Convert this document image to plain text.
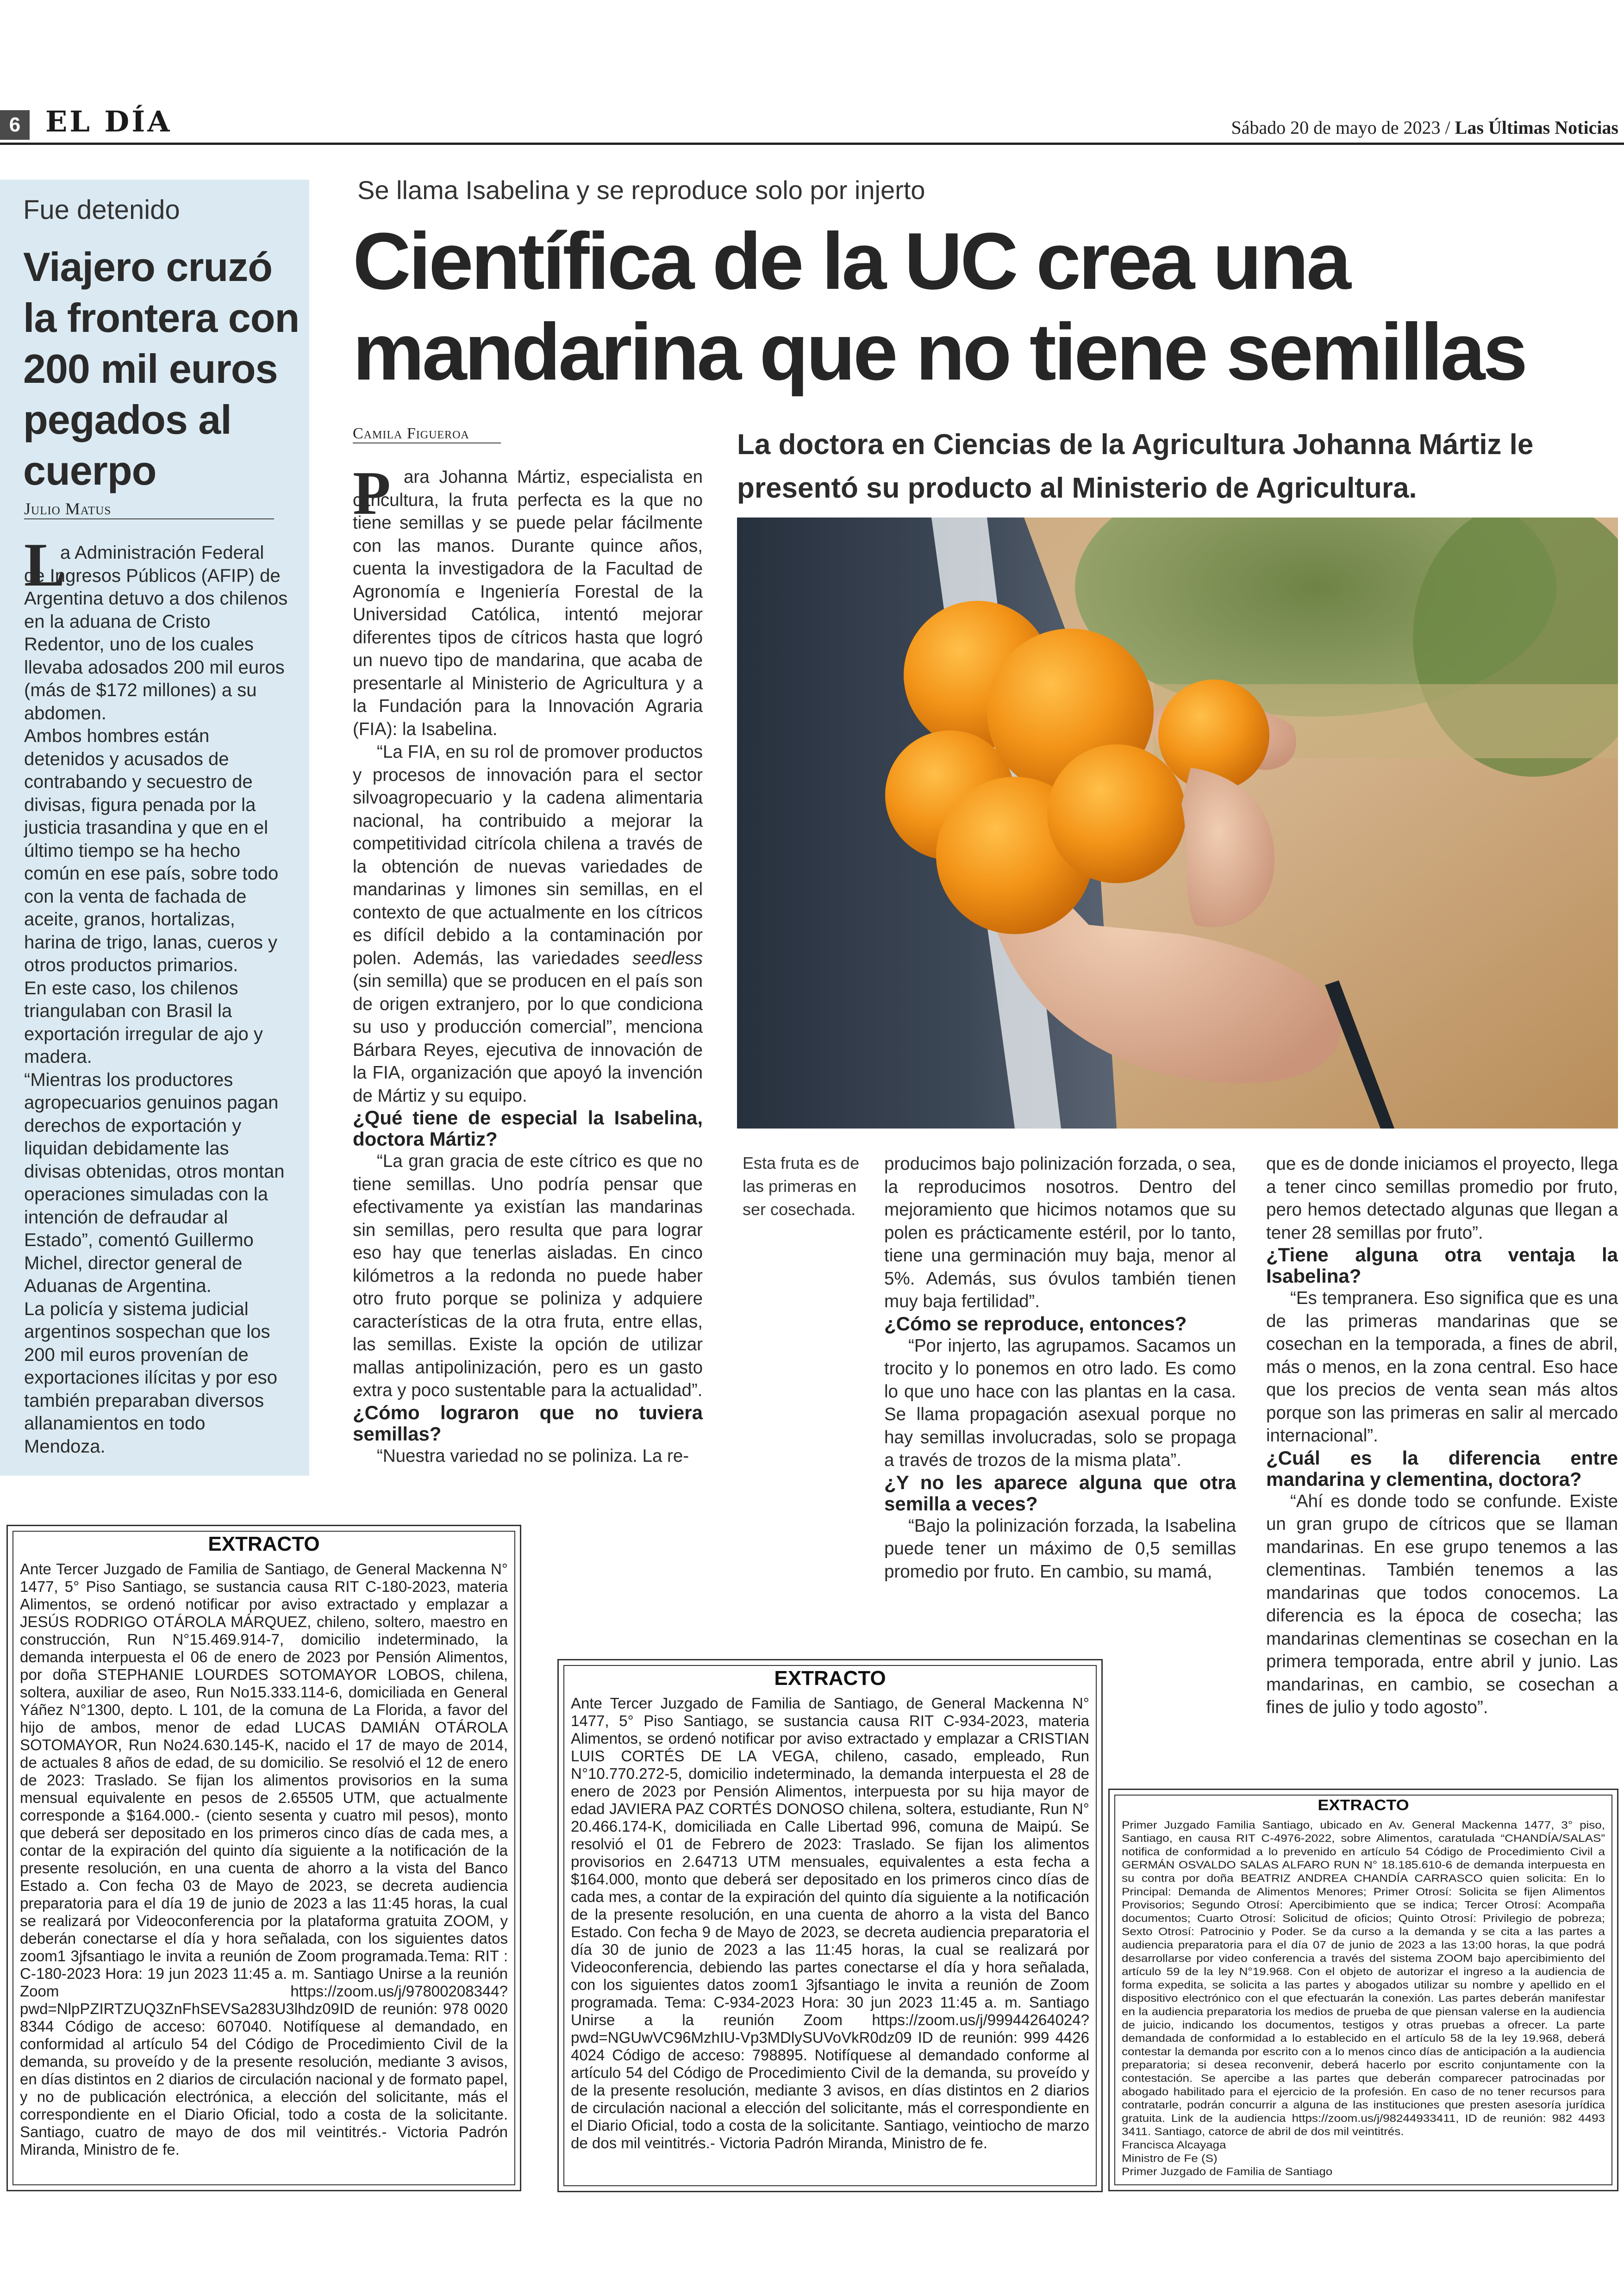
6 EL DÍA	Sábado 20 de mayo de 2023 / Las Últimas Noticias
Fue detenido
Viajero cruzó la frontera con 200 mil euros pegados al cuerpo
Julio Matus
L

a Administración Federal de Ingresos Públicos (AFIP) de Argentina detuvo a dos chilenos en la aduana de Cristo Redentor, uno de los cuales llevaba adosados 200 mil euros (más de $172 millones) a su abdomen.

Ambos hombres están detenidos y acusados de contrabando y secuestro de divisas, figura penada por la justicia trasandina y que en el último tiempo se ha hecho común en ese país, sobre todo con la venta de fachada de aceite, granos, hortalizas, harina de trigo, lanas, cueros y otros productos primarios.

En este caso, los chilenos triangulaban con Brasil la exportación irregular de ajo y madera.

“Mientras los productores agropecuarios genuinos pagan derechos de exportación y liquidan debidamente las divisas obtenidas, otros montan operaciones simuladas con la intención de defraudar al Estado”, comentó Guillermo Michel, director general de Aduanas de Argentina.

La policía y sistema judicial argentinos sospechan que los 200 mil euros provenían de exportaciones ilícitas y por eso también preparaban diversos allanamientos en todo Mendoza.

Se llama Isabelina y se reproduce solo por injerto
Científica de la UC crea una mandarina que no tiene semillas
Camila Figueroa	La doctora en Ciencias de la Agricultura Johanna Mártiz le presentó su producto al Ministerio de Agricultura.
P ara Johanna Mártiz, especialista en citricultura, la fruta perfecta es la que no tiene semillas y se puede pelar fácilmente con las manos. Durante quince años, cuenta la investigadora de la Facultad de Agronomía e Ingeniería Forestal de la Universidad Católica, intentó mejorar diferentes tipos de cítricos hasta que logró un nuevo tipo de mandarina, que acaba de presentarle al Ministerio de Agricultura y a la Fundación para la Innovación Agraria (FIA): la Isabelina.

“La FIA, en su rol de promover productos y procesos de innovación para el sector silvoagropecuario y la cadena alimentaria nacional, ha contribuido a mejorar la competitividad citrícola chilena a través de la obtención de nuevas variedades de mandarinas y limones sin semillas, en el contexto de que actualmente en los cítricos es difícil debido a la contaminación por polen. Además, las variedades seedless (sin semilla) que se producen en el país son de origen extranjero, por lo que condiciona su uso y producción comercial”, menciona Bárbara Reyes, ejecutiva de innovación de la FIA, organización que apoyó la invención de Mártiz y su equipo.

¿Qué tiene de especial la Isabelina, doctora Mártiz?

“La gran gracia de este cítrico es que no tiene semillas. Uno podría pensar que efectivamente ya existían las mandarinas sin semillas, pero resulta que para lograr eso hay que tenerlas aisladas. En cinco kilómetros a la redonda no puede haber otro fruto porque se poliniza y adquiere características de la otra fruta, entre ellas, las semillas. Existe la opción de utilizar mallas antipolinización, pero es un gasto extra y poco sustentable para la actualidad”.

¿Cómo lograron que no tuviera semillas?

“Nuestra variedad no se poliniza. La re-

Esta fruta es de las primeras en ser cosechada.

producimos bajo polinización forzada, o sea, la reproducimos nosotros. Dentro del mejoramiento que hicimos notamos que su polen es prácticamente estéril, por lo tanto, tiene una germinación muy baja, menor al 5%. Además, sus óvulos también tienen muy baja fertilidad”.

¿Cómo se reproduce, entonces?

“Por injerto, las agrupamos. Sacamos un trocito y lo ponemos en otro lado. Es como lo que uno hace con las plantas en la casa. Se llama propagación asexual porque no hay semillas involucradas, solo se propaga a través de trozos de la misma plata”.

¿Y no les aparece alguna que otra semilla a veces?

“Bajo la polinización forzada, la Isabelina puede tener un máximo de 0,5 semillas promedio por fruto. En cambio, su mamá,

que es de donde iniciamos el proyecto, llega a tener cinco semillas promedio por fruto, pero hemos detectado algunas que llegan a tener 28 semillas por fruto”.

¿Tiene alguna otra ventaja la Isabelina?

“Es tempranera. Eso significa que es una de las primeras mandarinas que se cosechan en la temporada, a fines de abril, más o menos, en la zona central. Eso hace que los precios de venta sean más altos porque son las primeras en salir al mercado internacional”.

¿Cuál es la diferencia entre mandarina y clementina, doctora?

“Ahí es donde todo se confunde. Existe un gran grupo de cítricos que se llaman mandarinas. En ese grupo tenemos a las clementinas. También tenemos a las mandarinas que todos conocemos. La diferencia es la época de cosecha; las mandarinas clementinas se cosechan en la primera temporada, entre abril y junio. Las mandarinas, en cambio, se cosechan a fines de julio y todo agosto”.

EXTRACTO
Ante Tercer Juzgado de Familia de Santiago, de General Mackenna N° 1477, 5° Piso Santiago, se sustancia causa RIT C-180-2023, materia Alimentos, se ordenó notificar por aviso extractado y emplazar a JESÚS RODRIGO OTÁROLA MÁRQUEZ, chileno, soltero, maestro en construcción, Run N°15.469.914-7, domicilio indeterminado, la demanda interpuesta el 06 de enero de 2023 por Pensión Alimentos, por doña STEPHANIE LOURDES SOTOMAYOR LOBOS, chilena, soltera, auxiliar de aseo, Run No15.333.114-6, domiciliada en General Yáñez N°1300, depto. L 101, de la comuna de La Florida, a favor del hijo de ambos, menor de edad LUCAS DAMIÁN OTÁROLA SOTOMAYOR, Run No24.630.145-K, nacido el 17 de mayo de 2014, de actuales 8 años de edad, de su domicilio. Se resolvió el 12 de enero de 2023: Traslado. Se fijan los alimentos provisorios en la suma mensual equivalente en pesos de 2.65505 UTM, que actualmente corresponde a $164.000.- (ciento sesenta y cuatro mil pesos), monto que deberá ser depositado en los primeros cinco días de cada mes, a contar de la expiración del quinto día siguiente a la notificación de la presente resolución, en una cuenta de ahorro a la vista del Banco Estado a. Con fecha 03 de Mayo de 2023, se decreta audiencia preparatoria para el día 19 de junio de 2023 a las 11:45 horas, la cual se realizará por Videoconferencia por la plataforma gratuita ZOOM, y deberán conectarse el día y hora señalada, con los siguientes datos zoom1 3jfsantiago le invita a reunión de Zoom programada.Tema: RIT : C-180-2023 Hora: 19 jun 2023 11:45 a. m. Santiago Unirse a la reunión Zoom https://zoom.us/j/97800208344?pwd=NlpPZIRTZUQ3ZnFhSEVSa283U3lhdz09ID de reunión: 978 0020 8344 Código de acceso: 607040. Notifíquese al demandado, en conformidad al artículo 54 del Código de Procedimiento Civil de la demanda, su proveído y de la presente resolución, mediante 3 avisos, en días distintos en 2 diarios de circulación nacional y de formato papel, y no de publicación electrónica, a elección del solicitante, más el correspondiente en el Diario Oficial, todo a costa de la solicitante. Santiago, cuatro de mayo de dos mil veintitrés.- Victoria Padrón Miranda, Ministro de fe.
EXTRACTO
Ante Tercer Juzgado de Familia de Santiago, de General Mackenna N° 1477, 5° Piso Santiago, se sustancia causa RIT C-934-2023, materia Alimentos, se ordenó notificar por aviso extractado y emplazar a CRISTIAN LUIS CORTÉS DE LA VEGA, chileno, casado, empleado, Run N°10.770.272-5, domicilio indeterminado, la demanda interpuesta el 28 de enero de 2023 por Pensión Alimentos, interpuesta por su hija mayor de edad JAVIERA PAZ CORTÉS DONOSO chilena, soltera, estudiante, Run N° 20.466.174-K, domiciliada en Calle Libertad 996, comuna de Maipú. Se resolvió el 01 de Febrero de 2023: Traslado. Se fijan los alimentos provisorios en 2.64713 UTM mensuales, equivalentes a esta fecha a $164.000, monto que deberá ser depositado en los primeros cinco días de cada mes, a contar de la expiración del quinto día siguiente a la notificación de la presente resolución, en una cuenta de ahorro a la vista del Banco Estado. Con fecha 9 de Mayo de 2023, se decreta audiencia preparatoria el día 30 de junio de 2023 a las 11:45 horas, la cual se realizará por Videoconferencia, debiendo las partes conectarse el día y hora señalada, con los siguientes datos zoom1 3jfsantiago le invita a reunión de Zoom programada. Tema: C-934-2023 Hora: 30 jun 2023 11:45 a. m. Santiago Unirse a la reunión Zoom https://zoom.us/j/99944264024?pwd=NGUwVC96MzhIU-Vp3MDlySUVoVkR0dz09 ID de reunión: 999 4426 4024 Código de acceso: 798895. Notifíquese al demandado conforme al artículo 54 del Código de Procedimiento Civil de la demanda, su proveído y de la presente resolución, mediante 3 avisos, en días distintos en 2 diarios de circulación nacional a elección del solicitante, más el correspondiente en el Diario Oficial, todo a costa de la solicitante. Santiago, veintiocho de marzo de dos mil veintitrés.- Victoria Padrón Miranda, Ministro de fe.
EXTRACTO
Primer Juzgado Familia Santiago, ubicado en Av. General Mackenna 1477, 3° piso, Santiago, en causa RIT C-4976-2022, sobre Alimentos, caratulada “CHANDÍA/SALAS” notifica de conformidad a lo prevenido en artículo 54 Código de Procedimiento Civil a GERMÁN OSVALDO SALAS ALFARO RUN N° 18.185.610-6 de demanda interpuesta en su contra por doña BEATRIZ ANDREA CHANDÍA CARRASCO quien solicita: En lo Principal: Demanda de Alimentos Menores; Primer Otrosí: Solicita se fijen Alimentos Provisorios; Segundo Otrosí: Apercibimiento que se indica; Tercer Otrosí: Acompaña documentos; Cuarto Otrosí: Solicitud de oficios; Quinto Otrosí: Privilegio de pobreza; Sexto Otrosí: Patrocinio y Poder. Se da curso a la demanda y se cita a las partes a audiencia preparatoria para el día 07 de junio de 2023 a las 13:00 horas, la que podrá desarrollarse por video conferencia a través del sistema ZOOM bajo apercibimiento del artículo 59 de la ley N°19.968. Con el objeto de autorizar el ingreso a la audiencia de forma expedita, se solicita a las partes y abogados utilizar su nombre y apellido en el dispositivo electrónico con el que efectuarán la conexión. Las partes deberán manifestar en la audiencia preparatoria los medios de prueba de que piensan valerse en la audiencia de juicio, indicando los documentos, testigos y otras pruebas a ofrecer. La parte demandada de conformidad a lo establecido en el artículo 58 de la ley 19.968, deberá contestar la demanda por escrito con a lo menos cinco días de anticipación a la audiencia preparatoria; si desea reconvenir, deberá hacerlo por escrito conjuntamente con la contestación. Se apercibe a las partes que deberán comparecer patrocinadas por abogado habilitado para el ejercicio de la profesión. En caso de no tener recursos para contratarle, podrán concurrir a alguna de las instituciones que presten asesoría jurídica gratuita. Link de la audiencia https://zoom.us/j/98244933411, ID de reunión: 982 4493 3411. Santiago, catorce de abril de dos mil veintitrés.
Francisca Alcayaga
Ministro de Fe (S)
Primer Juzgado de Familia de Santiago
